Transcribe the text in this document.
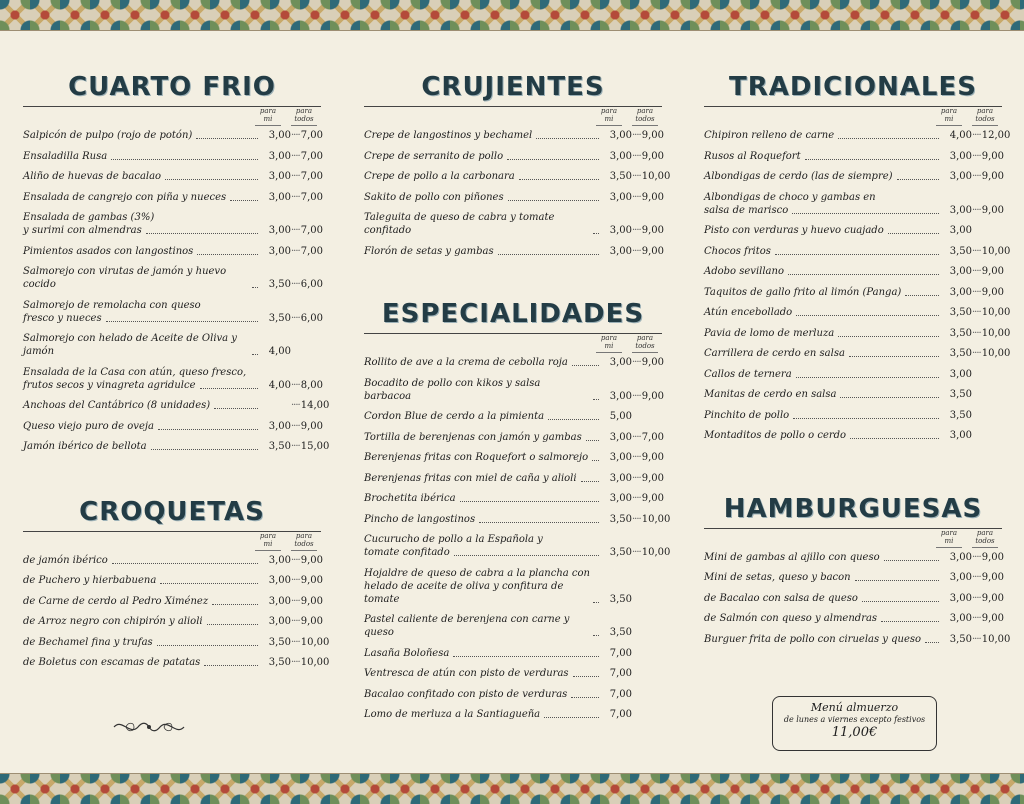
CUARTO FRIO
para mi
para todos
Salpicón de pulpo (rojo de potón)	3,00 ···· 7,00
Ensaladilla Rusa	3,00 ···· 7,00
Aliño de huevas de bacalao	3,00 ···· 7,00
Ensalada de cangrejo con piña y nueces	3,00 ···· 7,00
Ensalada de gambas (3%)
y surimi con almendras	3,00 ···· 7,00
Pimientos asados con langostinos	3,00 ···· 7,00
Salmorejo con virutas de jamón y huevo cocido	3,50 ···· 6,00
Salmorejo de remolacha con queso
fresco y nueces	3,50 ···· 6,00
Salmorejo con helado de Aceite de Oliva y jamón	4,00
Ensalada de la Casa con atún, queso fresco,
frutos secos y vinagreta agridulce	4,00 ···· 8,00
Anchoas del Cantábrico (8 unidades)	···· 14,00
Queso viejo puro de oveja	3,00 ···· 9,00
Jamón ibérico de bellota	3,50 ···· 15,00
CROQUETAS
para mi
para todos
de jamón ibérico	3,00 ···· 9,00
de Puchero y hierbabuena	3,00 ···· 9,00
de Carne de cerdo al Pedro Ximénez	3,00 ···· 9,00
de Arroz negro con chipirón y alioli	3,00 ···· 9,00
de Bechamel fina y trufas	3,50 ···· 10,00
de Boletus con escamas de patatas	3,50 ···· 10,00
CRUJIENTES
para mi
para todos
Crepe de langostinos y bechamel	3,00 ···· 9,00
Crepe de serranito de pollo	3,00 ···· 9,00
Crepe de pollo a la carbonara	3,50 ···· 10,00
Sakito de pollo con piñones	3,00 ···· 9,00
Taleguita de queso de cabra y tomate confitado	3,00 ···· 9,00
Florón de setas y gambas	3,00 ···· 9,00
ESPECIALIDADES
para mi
para todos
Rollito de ave a la crema de cebolla roja	3,00 ···· 9,00
Bocadito de pollo con kikos y salsa barbacoa	3,00 ···· 9,00
Cordon Blue de cerdo a la pimienta	5,00
Tortilla de berenjenas con jamón y gambas	3,00 ···· 7,00
Berenjenas fritas con Roquefort o salmorejo	3,00 ···· 9,00
Berenjenas fritas con miel de caña y alioli	3,00 ···· 9,00
Brochetita ibérica	3,00 ···· 9,00
Pincho de langostinos	3,50 ···· 10,00
Cucurucho de pollo a la Española y
tomate confitado	3,50 ···· 10,00
Hojaldre de queso de cabra a la plancha con
helado de aceite de oliva y confitura de tomate	3,50
Pastel caliente de berenjena con carne y queso	3,50
Lasaña Boloñesa	7,00
Ventresca de atún con pisto de verduras	7,00
Bacalao confitado con pisto de verduras	7,00
Lomo de merluza a la Santiagueña	7,00
TRADICIONALES
para mi
para todos
Chipiron relleno de carne	4,00 ···· 12,00
Rusos al Roquefort	3,00 ···· 9,00
Albondigas de cerdo (las de siempre)	3,00 ···· 9,00
Albondigas de choco y gambas en
salsa de marisco	3,00 ···· 9,00
Pisto con verduras y huevo cuajado	3,00
Chocos fritos	3,50 ···· 10,00
Adobo sevillano	3,00 ···· 9,00
Taquitos de gallo frito al limón (Panga)	3,00 ···· 9,00
Atún encebollado	3,50 ···· 10,00
Pavia de lomo de merluza	3,50 ···· 10,00
Carrillera de cerdo en salsa	3,50 ···· 10,00
Callos de ternera	3,00
Manitas de cerdo en salsa	3,50
Pinchito de pollo	3,50
Montaditos de pollo o cerdo	3,00
HAMBURGUESAS
para mi
para todos
Mini de gambas al ajillo con queso	3,00 ···· 9,00
Mini de setas, queso y bacon	3,00 ···· 9,00
de Bacalao con salsa de queso	3,00 ···· 9,00
de Salmón con queso y almendras	3,00 ···· 9,00
Burguer frita de pollo con ciruelas y queso	3,50 ···· 10,00
Menú almuerzo
de lunes a viernes excepto festivos
11,00€
